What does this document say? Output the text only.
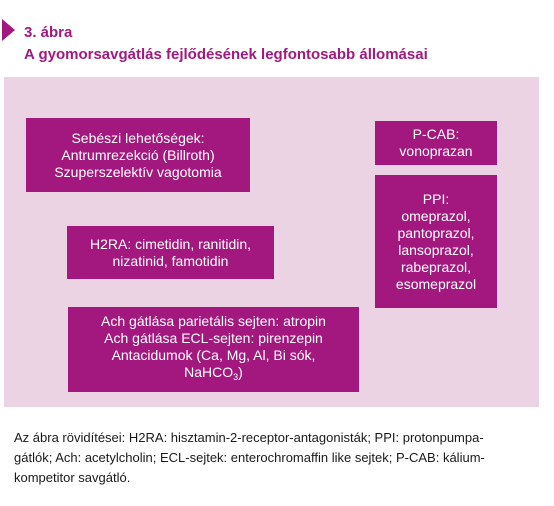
3. ábra
A gyomorsavgátlás fejlődésének legfontosabb állomásai
Sebészi lehetőségek:
Antrumrezekció (Billroth)
Szuperszelektív vagotomia
H2RA: cimetidin, ranitidin,
nizatinid, famotidin
Ach gátlása parietális sejten: atropin
Ach gátlása ECL-sejten: pirenzepin
Antacidumok (Ca, Mg, Al, Bi sók,
NaHCO$_3$)
P-CAB:
vonoprazan
PPI:
omeprazol,
pantoprazol,
lansoprazol,
rabeprazol,
esomeprazol
Az ábra rövidítései: H2RA: hisztamin-2-receptor-antagonisták; PPI: protonpumpa-
gátlók; Ach: acetylcholin; ECL-sejtek: enterochromaffin like sejtek; P-CAB: kálium-
kompetitor savgátló.
